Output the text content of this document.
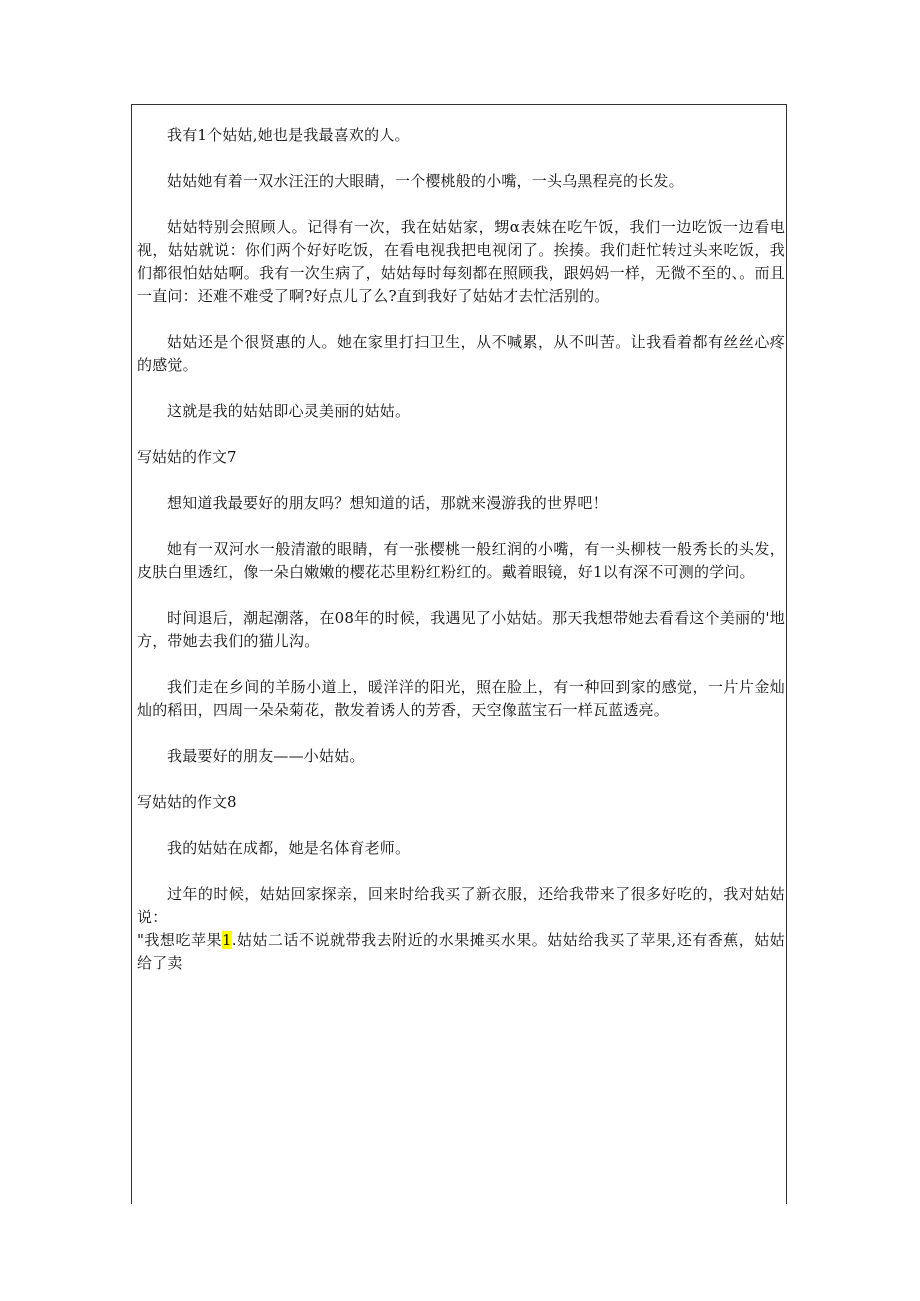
我有1个姑姑,她也是我最喜欢的人。

姑姑她有着一双水汪汪的大眼睛，一个樱桃般的小嘴，一头乌黑程亮的长发。

姑姑特别会照顾人。记得有一次，我在姑姑家，甥α表妹在吃午饭，我们一边吃饭一边看电视，姑姑就说：你们两个好好吃饭，在看电视我把电视闭了。挨揍。我们赶忙转过头来吃饭，我们都很怕姑姑啊。我有一次生病了，姑姑每时每刻都在照顾我，跟妈妈一样，无微不至的、。而且一直问：还难不难受了啊?好点儿了么?直到我好了姑姑才去忙活别的。

姑姑还是个很贤惠的人。她在家里打扫卫生，从不喊累，从不叫苦。让我看着都有丝丝心疼的感觉。

这就是我的姑姑即心灵美丽的姑姑。

写姑姑的作文7

想知道我最要好的朋友吗？想知道的话，那就来漫游我的世界吧！

她有一双河水一般清澈的眼睛，有一张樱桃一般红润的小嘴，有一头柳枝一般秀长的头发，皮肤白里透红，像一朵白嫩嫩的樱花芯里粉红粉红的。戴着眼镜，好1以有深不可测的学问。

时间退后，潮起潮落，在08年的时候，我遇见了小姑姑。那天我想带她去看看这个美丽的'地方，带她去我们的猫儿沟。

我们走在乡间的羊肠小道上，暖洋洋的阳光，照在脸上，有一种回到家的感觉，一片片金灿灿的稻田，四周一朵朵菊花，散发着诱人的芳香，天空像蓝宝石一样瓦蓝透亮。

我最要好的朋友——小姑姑。

写姑姑的作文8

我的姑姑在成都，她是名体育老师。

过年的时候，姑姑回家探亲，回来时给我买了新衣服，还给我带来了很多好吃的，我对姑姑说：
"我想吃苹果1.姑姑二话不说就带我去附近的水果摊买水果。姑姑给我买了苹果,还有香蕉，姑姑给了卖
